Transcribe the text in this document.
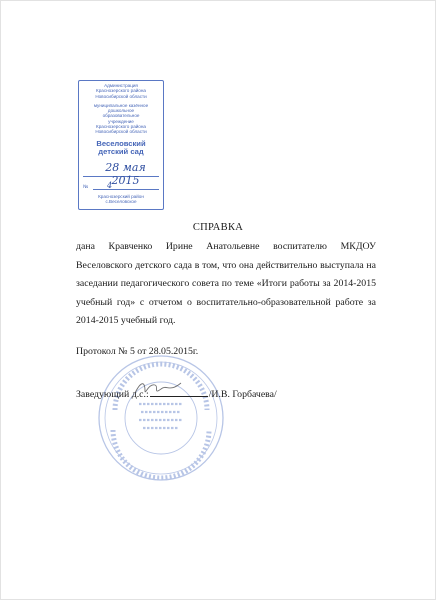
Администрация
Краснозерского района
Новосибирской области
муниципальное казённое
дошкольное
образовательное
учреждение
Краснозерского района
Новосибирской области
Веселовский
детский сад
28 мая 2015
№ 4
Краснозерский район
с.Веселовское
СПРАВКА

дана Кравченко Ирине Анатольевне воспитателю МКДОУ Веселовского детского сада в том, что она действительно выступала на заседании педагогического совета по теме «Итоги работы за 2014-2015 учебный год» с отчетом о воспитательно-образовательной работе за 2014-2015 учебный год.

Протокол № 5 от 28.05.2015г.

Заведующий д.с.:	/И.В. Горбачева/
